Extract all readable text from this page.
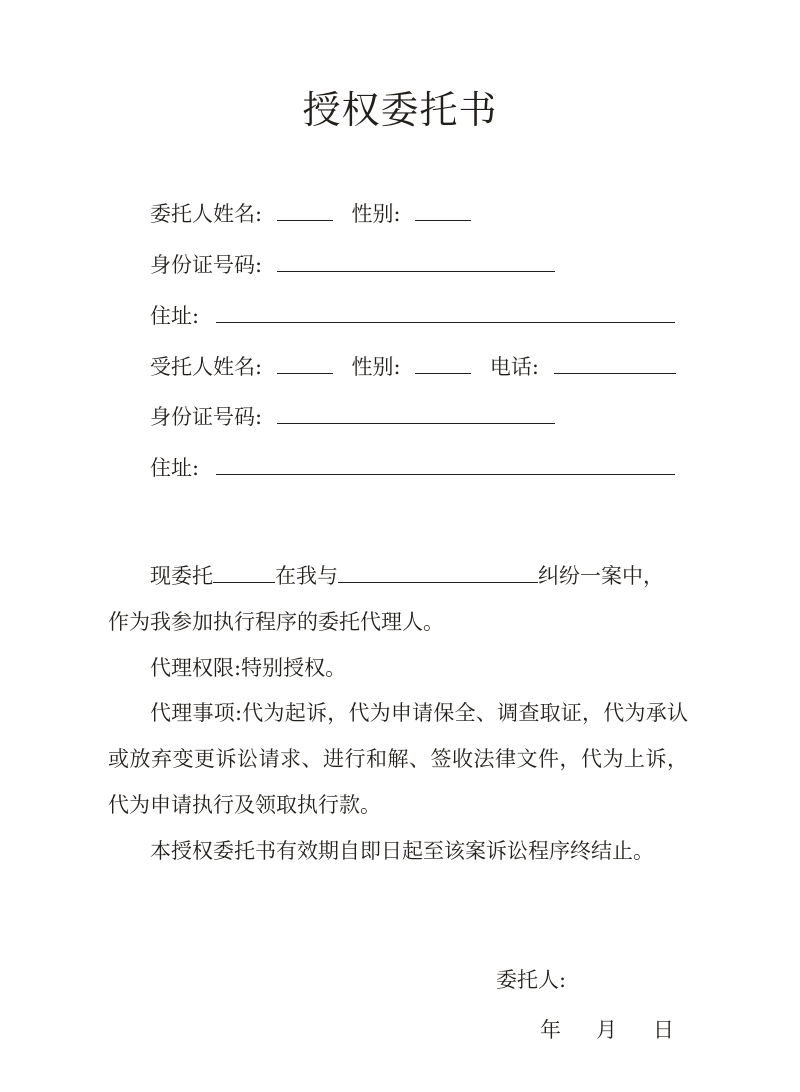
授权委托书
委托人姓名:	性别:
身份证号码:
住址:
受托人姓名:	性别:	电话:
身份证号码:
住址:
现委托	在我与	纠纷一案中，
作为我参加执行程序的委托代理人。
代理权限:特别授权。
代理事项:代为起诉，代为申请保全、调查取证，代为承认或放弃变更诉讼请求、进行和解、签收法律文件，代为上诉，代为申请执行及领取执行款。
本授权委托书有效期自即日起至该案诉讼程序终结止。
委托人:
年 月 日
